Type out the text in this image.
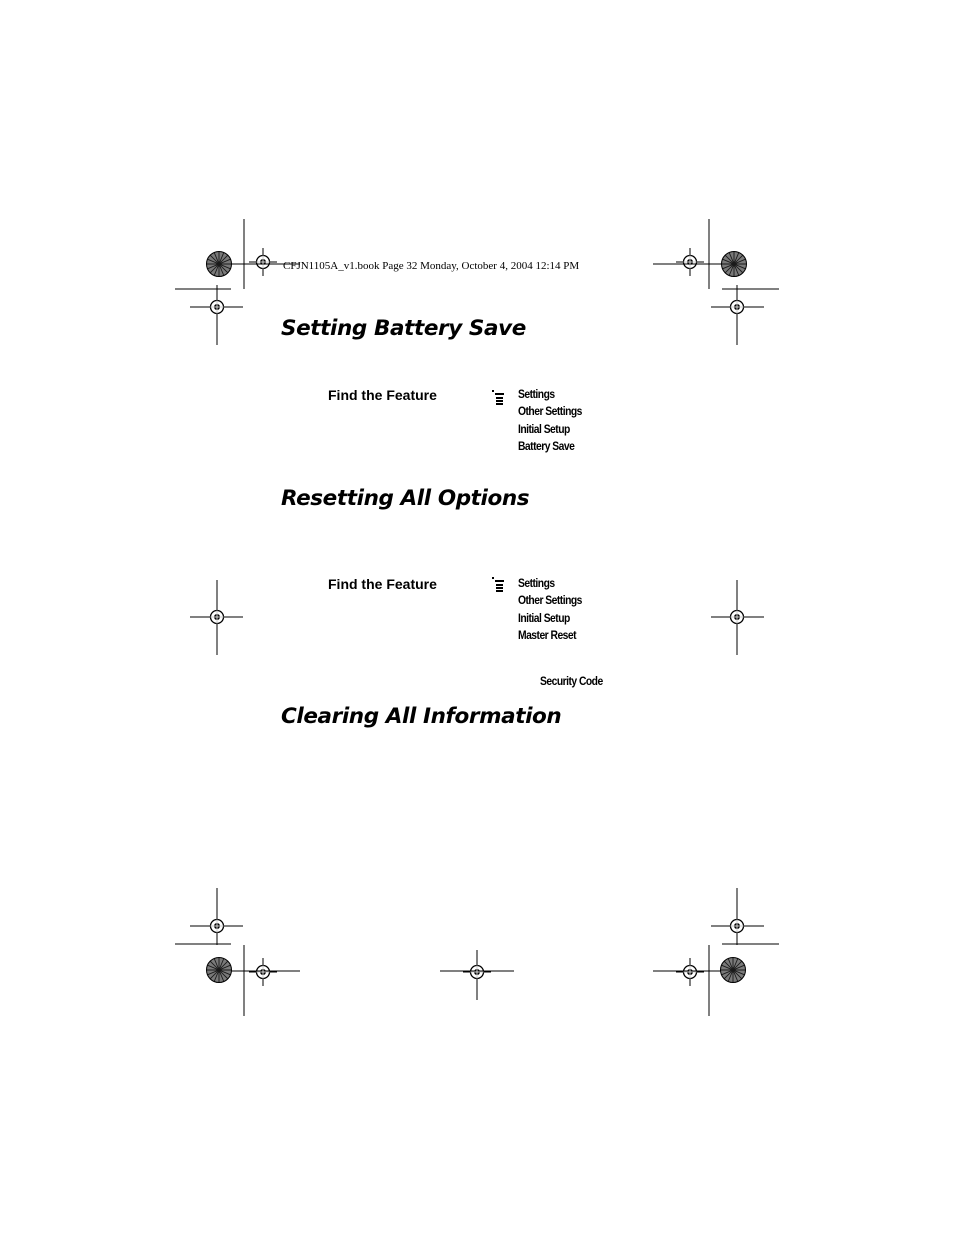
CFJN1105A_v1.book Page 32 Monday, October 4, 2004 12:14 PM
Setting Battery Save
Find the Feature	Settings
Other Settings
Initial Setup
Battery Save
Resetting All Options
Find the Feature	Settings
Other Settings
Initial Setup
Master Reset
Security Code
Clearing All Information
